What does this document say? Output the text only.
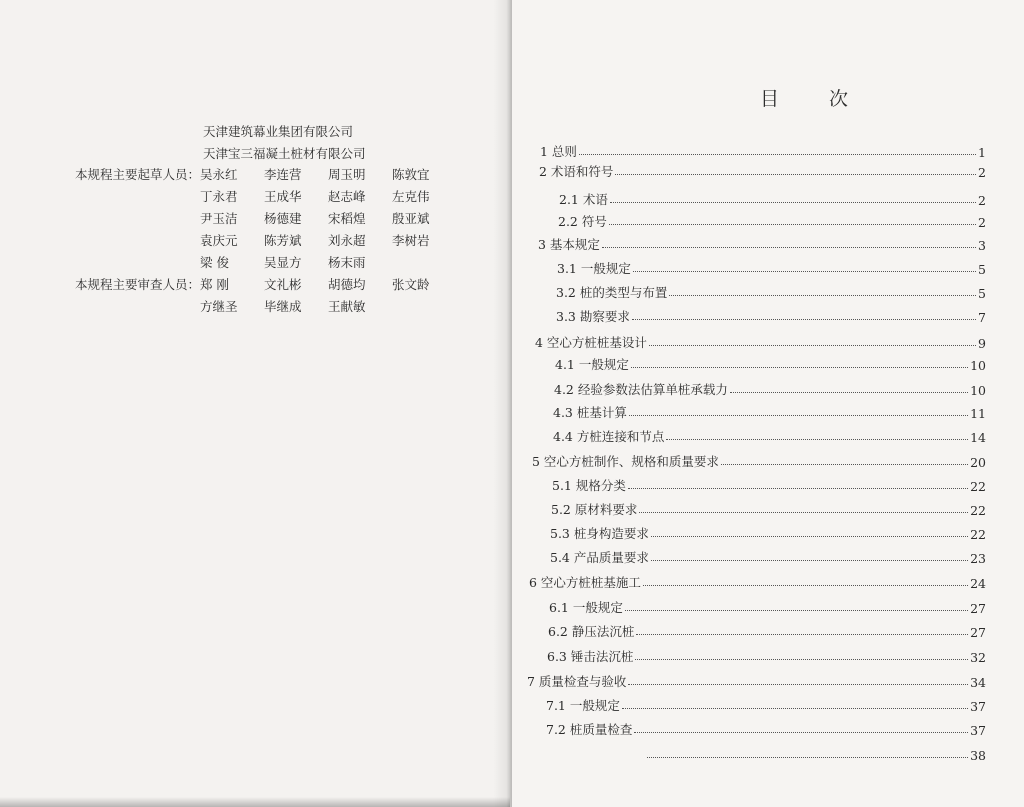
天津建筑幕业集团有限公司
天津宝三福凝土桩材有限公司
本规程主要起草人员： 吴永红	李连营	周玉明	陈敦宜
丁永君	王成华	赵志峰	左克伟
尹玉洁	杨德建	宋稻煌	殷亚斌
袁庆元	陈芳斌	刘永超	李树岩
梁 俊	吴显方	杨末雨
本规程主要审查人员： 郑 刚	文礼彬	胡德均	张文龄
方继圣	毕继成	王献敏
目 次
1 总则	1
2 术语和符号	2
2.1 术语	2
2.2 符号	2
3 基本规定	3
3.1 一般规定	5
3.2 桩的类型与布置	5
3.3 勘察要求	7
4 空心方桩桩基设计	9
4.1 一般规定	10
4.2 经验参数法估算单桩承载力	10
4.3 桩基计算	11
4.4 方桩连接和节点	14
5 空心方桩制作、规格和质量要求	20
5.1 规格分类	22
5.2 原材料要求	22
5.3 桩身构造要求	22
5.4 产品质量要求	23
6 空心方桩桩基施工	24
6.1 一般规定	27
6.2 静压法沉桩	27
6.3 锤击法沉桩	32
7 质量检查与验收	34
7.1 一般规定	37
7.2 桩质量检查	37
38
